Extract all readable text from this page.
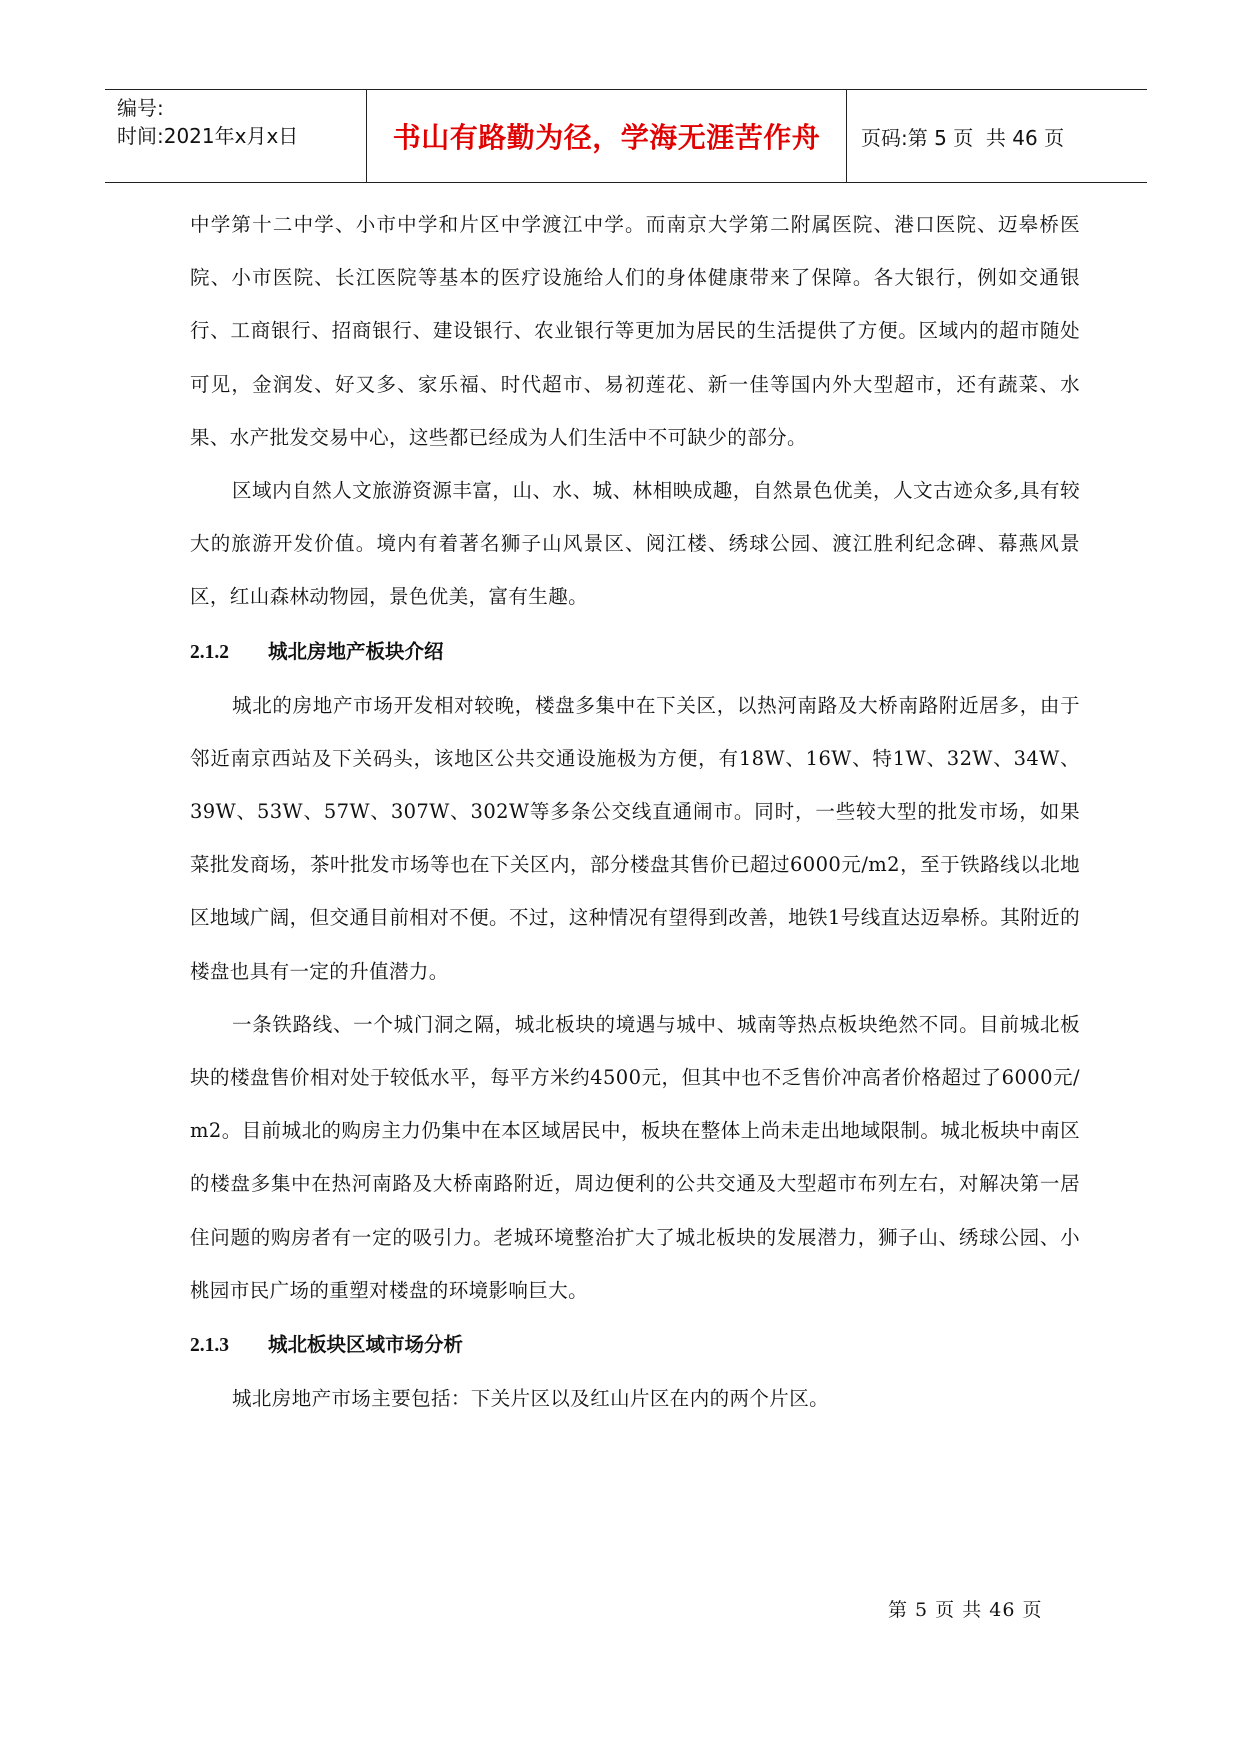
编号:
时间:2021年x月x日	书山有路勤为径，学海无涯苦作舟	页码: 第 5 页  共 46 页

中学第十二中学、小市中学和片区中学渡江中学。而南京大学第二附属医院、港口医院、迈皋桥医院、小市医院、长江医院等基本的医疗设施给人们的身体健康带来了保障。各大银行，例如交通银行、工商银行、招商银行、建设银行、农业银行等更加为居民的生活提供了方便。区域内的超市随处可见，金润发、好又多、家乐福、时代超市、易初莲花、新一佳等国内外大型超市，还有蔬菜、水果、水产批发交易中心，这些都已经成为人们生活中不可缺少的部分。

区域内自然人文旅游资源丰富，山、水、城、林相映成趣，自然景色优美，人文古迹众多,具有较大的旅游开发价值。境内有着著名狮子山风景区、阅江楼、绣球公园、渡江胜利纪念碑、幕燕风景区，红山森林动物园，景色优美，富有生趣。

2.1.2 城北房地产板块介绍

城北的房地产市场开发相对较晚，楼盘多集中在下关区，以热河南路及大桥南路附近居多，由于邻近南京西站及下关码头，该地区公共交通设施极为方便，有18W、16W、特1W、32W、34W、39W、53W、57W、307W、302W等多条公交线直通闹市。同时，一些较大型的批发市场，如果菜批发商场，茶叶批发市场等也在下关区内，部分楼盘其售价已超过6000元/m2，至于铁路线以北地区地域广阔，但交通目前相对不便。不过，这种情况有望得到改善，地铁1号线直达迈皋桥。其附近的楼盘也具有一定的升值潜力。

一条铁路线、一个城门洞之隔，城北板块的境遇与城中、城南等热点板块绝然不同。目前城北板块的楼盘售价相对处于较低水平，每平方米约4500元，但其中也不乏售价冲高者价格超过了6000元/ m2。目前城北的购房主力仍集中在本区域居民中，板块在整体上尚未走出地域限制。城北板块中南区的楼盘多集中在热河南路及大桥南路附近，周边便利的公共交通及大型超市布列左右，对解决第一居住问题的购房者有一定的吸引力。老城环境整治扩大了城北板块的发展潜力，狮子山、绣球公园、小桃园市民广场的重塑对楼盘的环境影响巨大。

2.1.3 城北板块区域市场分析

城北房地产市场主要包括：下关片区以及红山片区在内的两个片区。

第 5 页 共 46 页
